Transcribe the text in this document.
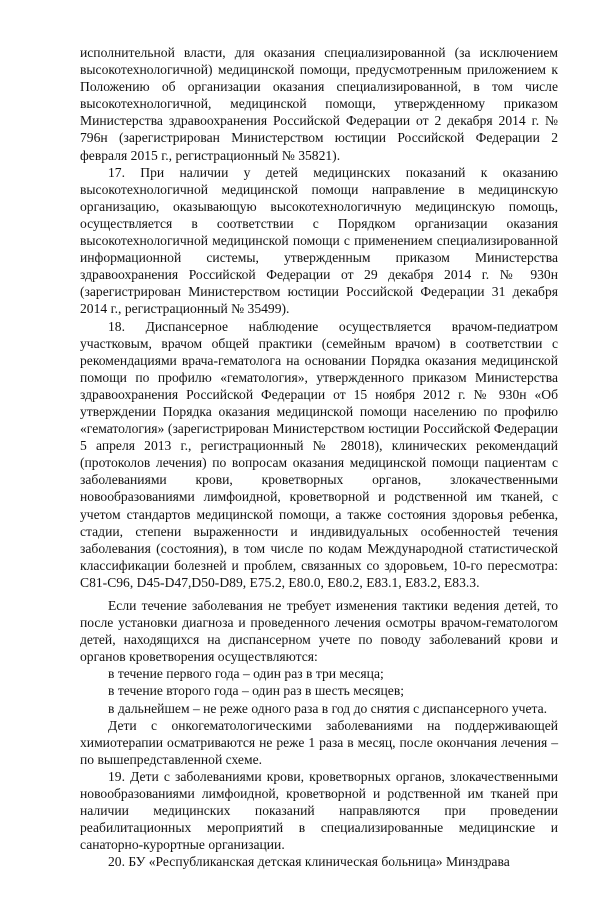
исполнительной власти, для оказания специализированной (за исключением высокотехнологичной) медицинской помощи, предусмотренным приложением к Положению об организации оказания специализированной, в том числе высокотехнологичной, медицинской помощи, утвержденному приказом Министерства здравоохранения Российской Федерации от 2 декабря 2014 г. № 796н (зарегистрирован Министерством юстиции Российской Федерации 2 февраля 2015 г., регистрационный № 35821).

17. При наличии у детей медицинских показаний к оказанию высокотехнологичной медицинской помощи направление в медицинскую организацию, оказывающую высокотехнологичную медицинскую помощь, осуществляется в соответствии с Порядком организации оказания высокотехнологичной медицинской помощи с применением специализированной информационной системы, утвержденным приказом Министерства здравоохранения Российской Федерации от 29 декабря 2014 г. № 930н (зарегистрирован Министерством юстиции Российской Федерации 31 декабря 2014 г., регистрационный № 35499).

18. Диспансерное наблюдение осуществляется врачом-педиатром участковым, врачом общей практики (семейным врачом) в соответствии с рекомендациями врача-гематолога на основании Порядка оказания медицинской помощи по профилю «гематология», утвержденного приказом Министерства здравоохранения Российской Федерации от 15 ноября 2012 г. № 930н «Об утверждении Порядка оказания медицинской помощи населению по профилю «гематология» (зарегистрирован Министерством юстиции Российской Федерации 5 апреля 2013 г., регистрационный № 28018), клинических рекомендаций (протоколов лечения) по вопросам оказания медицинской помощи пациентам с заболеваниями крови, кроветворных органов, злокачественными новообразованиями лимфоидной, кроветворной и родственной им тканей, с учетом стандартов медицинской помощи, а также состояния здоровья ребенка, стадии, степени выраженности и индивидуальных особенностей течения заболевания (состояния), в том числе по кодам Международной статистической классификации болезней и проблем, связанных со здоровьем, 10-го пересмотра: C81-C96, D45-D47,D50-D89, E75.2, E80.0, E80.2, E83.1, E83.2, E83.3.

Если течение заболевания не требует изменения тактики ведения детей, то после установки диагноза и проведенного лечения осмотры врачом-гематологом детей, находящихся на диспансерном учете по поводу заболеваний крови и органов кроветворения осуществляются:

в течение первого года – один раз в три месяца;

в течение второго года – один раз в шесть месяцев;

в дальнейшем – не реже одного раза в год до снятия с диспансерного учета.

Дети с онкогематологическими заболеваниями на поддерживающей химиотерапии осматриваются не реже 1 раза в месяц, после окончания лечения – по вышепредставленной схеме.

19. Дети с заболеваниями крови, кроветворных органов, злокачественными новообразованиями лимфоидной, кроветворной и родственной им тканей при наличии медицинских показаний направляются при проведении реабилитационных мероприятий в специализированные медицинские и санаторно-курортные организации.

20. БУ «Республиканская детская клиническая больница» Минздрава
